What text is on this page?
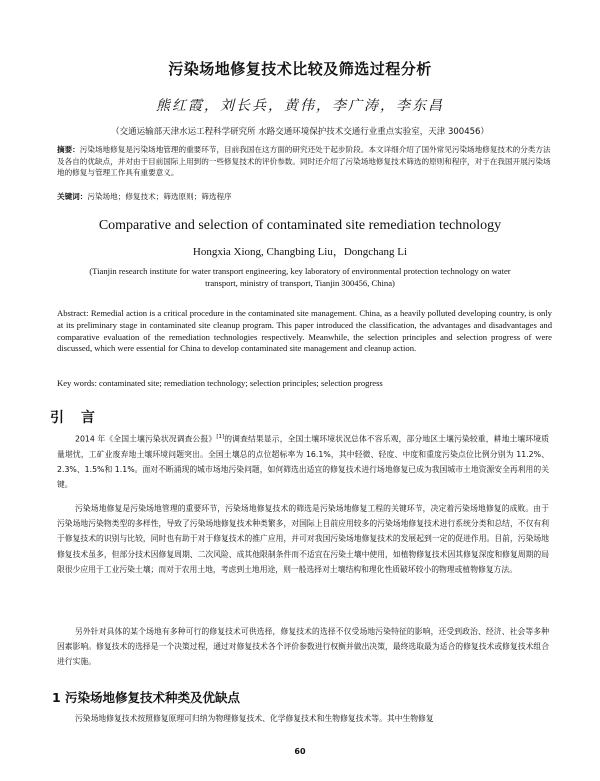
污染场地修复技术比较及筛选过程分析
熊红霞，刘长兵，黄伟，李广涛，李东昌
（交通运输部天津水运工程科学研究所 水路交通环境保护技术交通行业重点实验室，天津 300456）
摘要：污染场地修复是污染场地管理的重要环节，目前我国在这方面的研究还处于起步阶段。本文详细介绍了国外常见污染场地修复技术的分类方法及各自的优缺点，并对由于目前国际上用到的一些修复技术的评价参数。同时还介绍了污染场地修复技术筛选的原则和程序，对于在我国开展污染场地的修复与管理工作具有重要意义。
关键词：污染场地；修复技术；筛选原则；筛选程序
Comparative and selection of contaminated site remediation technology
Hongxia Xiong, Changbing Liu，Dongchang Li
(Tianjin research institute for water transport engineering, key laboratory of environmental protection technology on water transport, ministry of transport, Tianjin 300456, China)
Abstract: Remedial action is a critical procedure in the contaminated site management. China, as a heavily polluted developing country, is only at its preliminary stage in contaminated site cleanup program. This paper introduced the classification, the advantages and disadvantages and comparative evaluation of the remediation technologies respectively. Meanwhile, the selection principles and selection progress of were discussed, which were essential for China to develop contaminated site management and cleanup action.
Key words: contaminated site; remediation technology; selection principles; selection progress
引 言
2014 年《全国土壤污染状况调查公报》[1]的调查结果显示，全国土壤环境状况总体不容乐观，部分地区土壤污染较重，耕地土壤环境质量堪忧，工矿业废弃地土壤环境问题突出。全国土壤总的点位超标率为 16.1%，其中轻微、轻度、中度和重度污染点位比例分别为 11.2%、2.3%、1.5%和 1.1%。面对不断涌现的城市场地污染问题，如何筛选出适宜的修复技术进行场地修复已成为我国城市土地资源安全再利用的关键。
污染场地修复是污染场地管理的重要环节，污染场地修复技术的筛选是污染场地修复工程的关键环节，决定着污染场地修复的成败。由于污染场地污染物类型的多样性，导致了污染场地修复技术种类繁多，对国际上目前应用较多的污染场地修复技术进行系统分类和总结，不仅有利于修复技术的识别与比较，同时也有助于对于修复技术的推广应用，并可对我国污染场地修复技术的发展起到一定的促进作用。目前，污染场地修复技术虽多，但部分技术因修复周期、二次风险、成其他限制条件而不适宜在污染土壤中使用，如植物修复技术因其修复深度和修复周期的局限很少应用于工业污染土壤；而对于农用土地，考虑到土地用途，则一般选择对土壤结构和理化性质破坏较小的物理或植物修复方法。
另外针对具体的某个场地有多种可行的修复技术可供选择，修复技术的选择不仅受场地污染特征的影响，还受到政治、经济、社会等多种因素影响。修复技术的选择是一个决策过程，通过对修复技术各个评价参数进行权衡并做出决策，最终选取最为适合的修复技术或修复技术组合进行实施。
1 污染场地修复技术种类及优缺点
污染场地修复技术按照修复原理可归纳为物理修复技术、化学修复技术和生物修复技术等。其中生物修复
60
